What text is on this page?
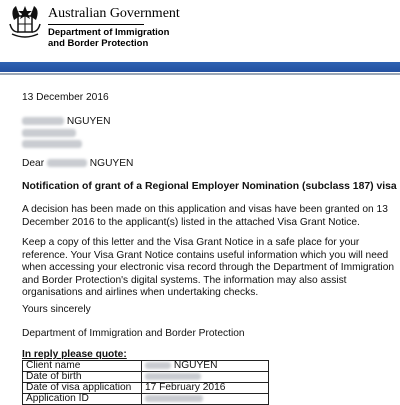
Australian Government
Department of Immigration
and Border Protection
13 December 2016
NGUYEN
Dear	NGUYEN
Notification of grant of a Regional Employer Nomination (subclass 187) visa
A decision has been made on this application and visas have been granted on 13 December 2016 to the applicant(s) listed in the attached Visa Grant Notice.
Keep a copy of this letter and the Visa Grant Notice in a safe place for your reference. Your Visa Grant Notice contains useful information which you will need when accessing your electronic visa record through the Department of Immigration and Border Protection's digital systems. The information may also assist organisations and airlines when undertaking checks.
Yours sincerely
Department of Immigration and Border Protection
In reply please quote:
Client name	NGUYEN
Date of birth	
Date of visa application	17 February 2016
Application ID	
